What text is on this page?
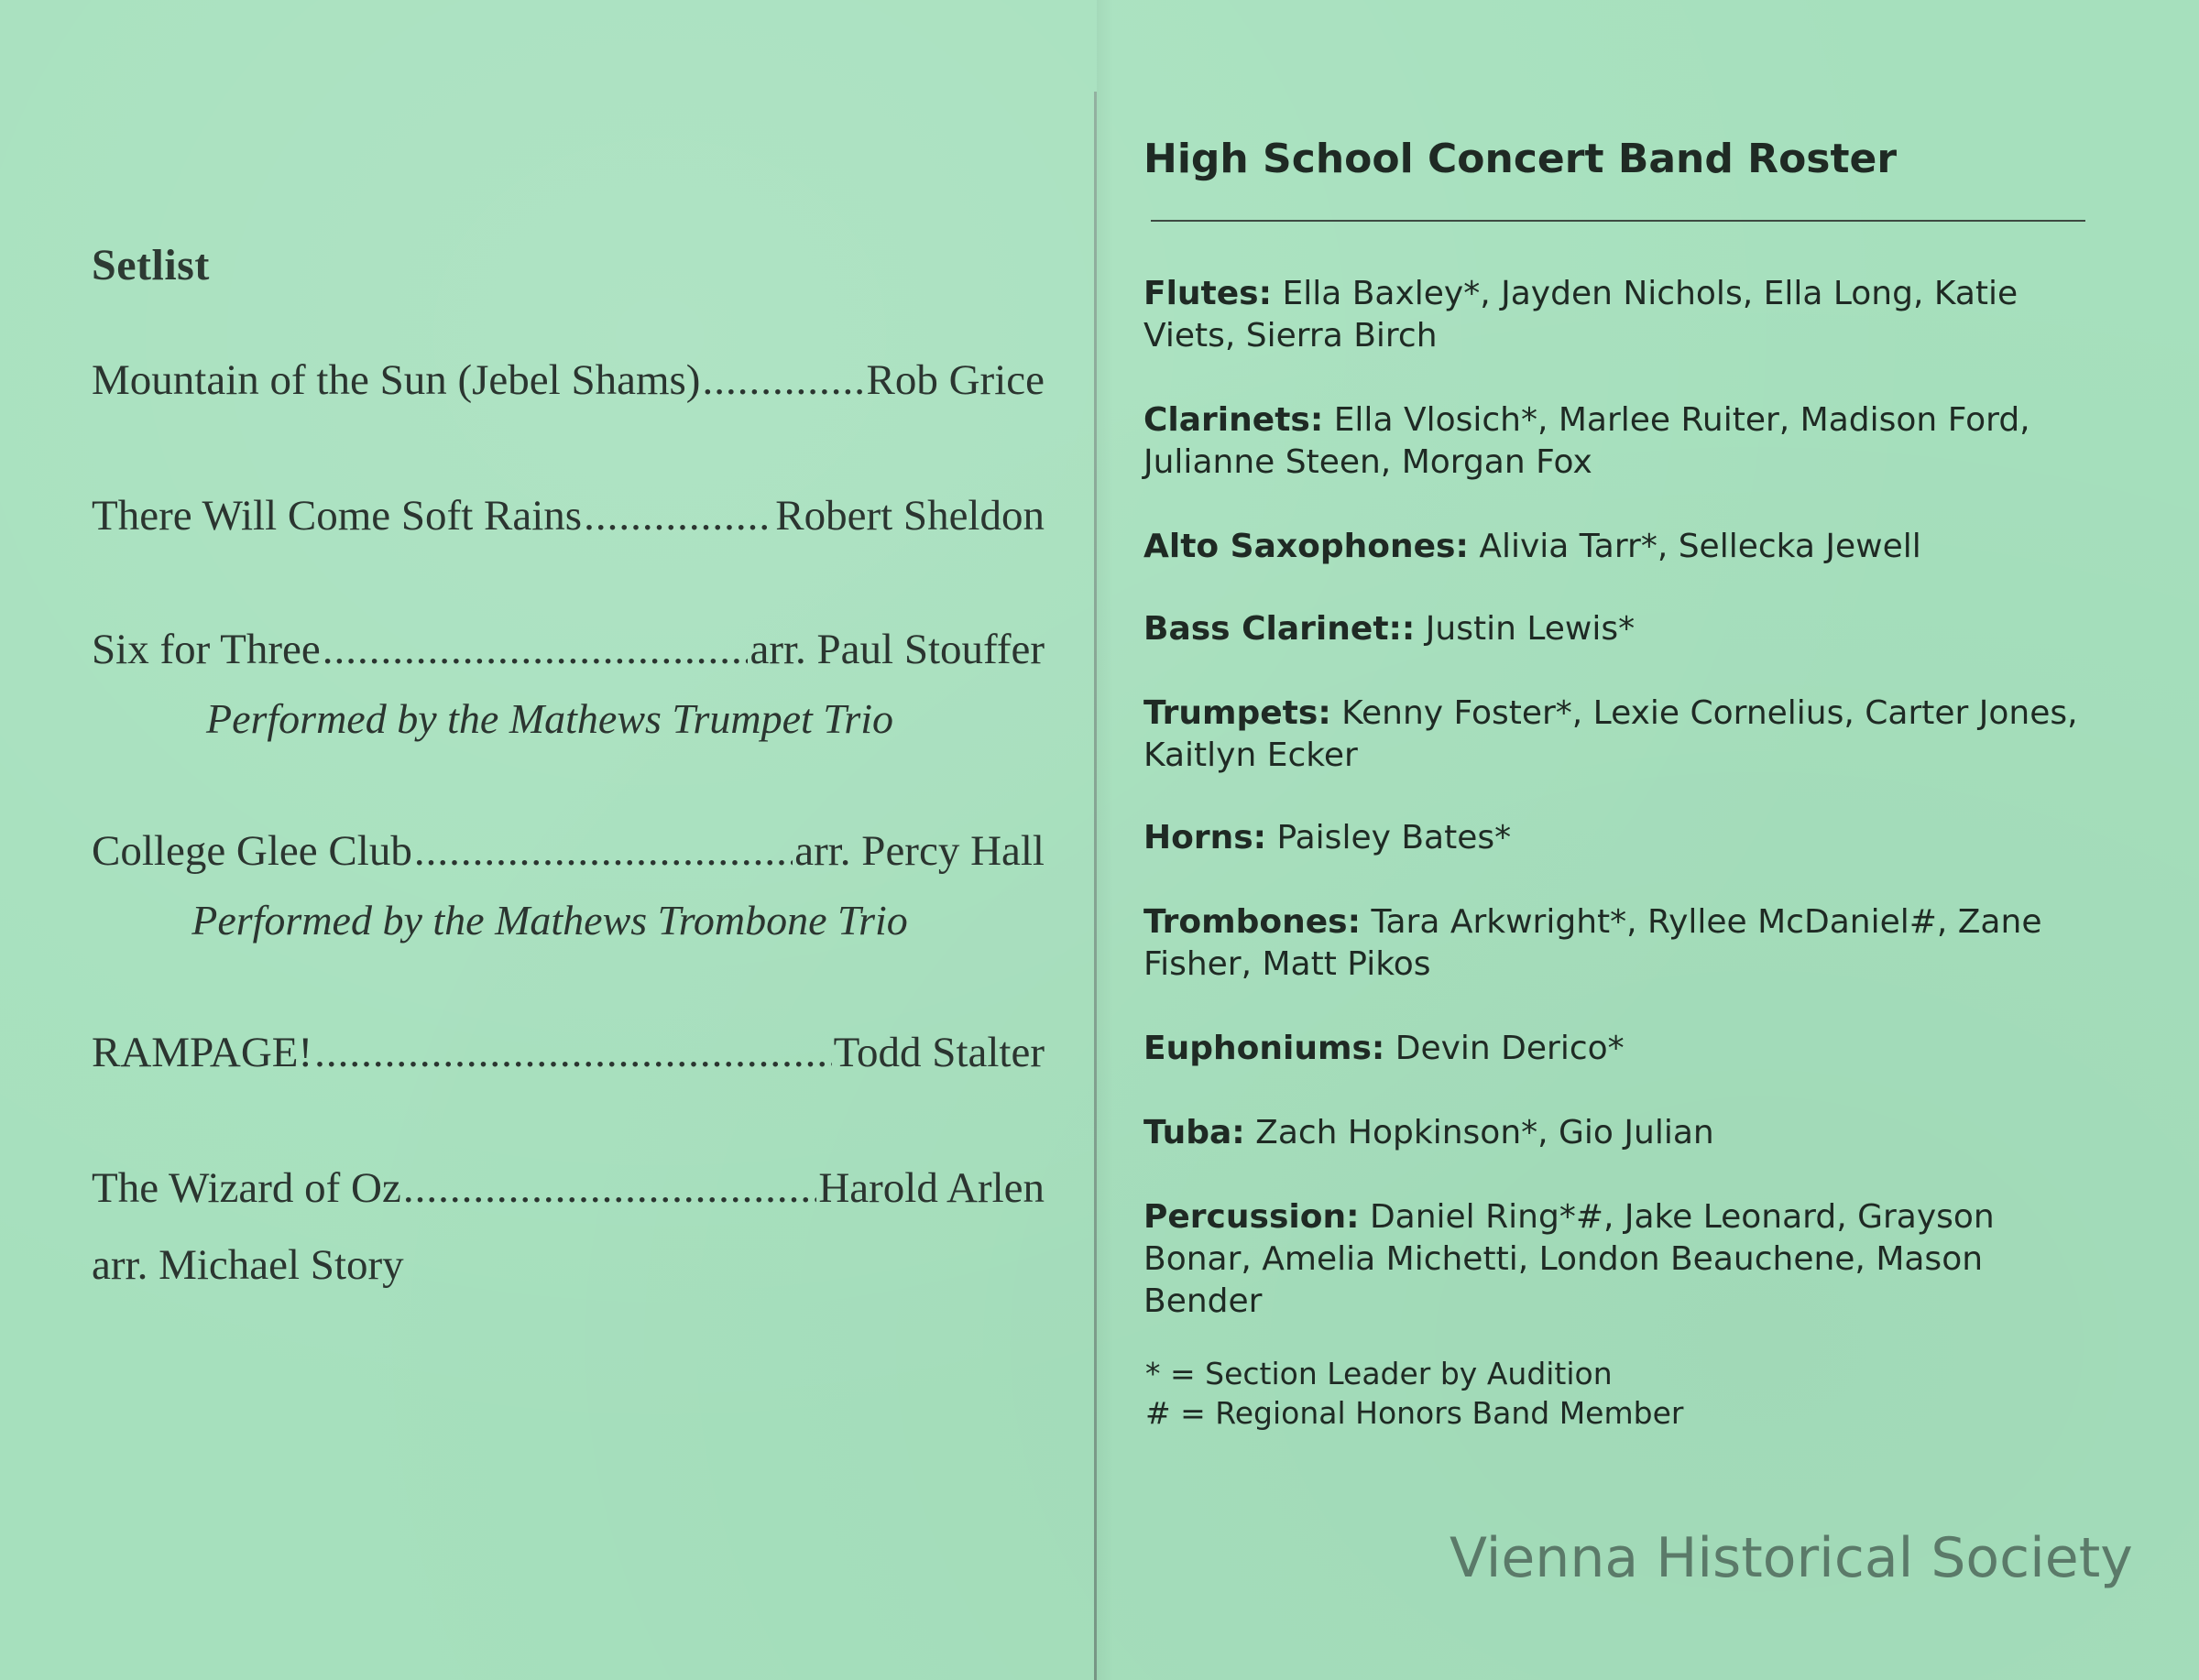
Setlist
Mountain of the Sun (Jebel Shams) .....	Rob Grice
There Will Come Soft Rains .....	Robert Sheldon
Six for Three .....	arr. Paul Stouffer
Performed by the Mathews Trumpet Trio
College Glee Club .....	arr. Percy Hall
Performed by the Mathews Trombone Trio
RAMPAGE! .....	Todd Stalter
The Wizard of Oz .....	Harold Arlen
arr. Michael Story
High School Concert Band Roster
Flutes: Ella Baxley*, Jayden Nichols, Ella Long, Katie Viets, Sierra Birch
Clarinets: Ella Vlosich*, Marlee Ruiter, Madison Ford, Julianne Steen, Morgan Fox
Alto Saxophones: Alivia Tarr*, Sellecka Jewell
Bass Clarinet:: Justin Lewis*
Trumpets: Kenny Foster*, Lexie Cornelius, Carter Jones, Kaitlyn Ecker
Horns: Paisley Bates*
Trombones: Tara Arkwright*, Ryllee McDaniel#, Zane Fisher, Matt Pikos
Euphoniums: Devin Derico*
Tuba: Zach Hopkinson*, Gio Julian
Percussion: Daniel Ring*#, Jake Leonard, Grayson Bonar, Amelia Michetti, London Beauchene, Mason Bender
* = Section Leader by Audition
# = Regional Honors Band Member
Vienna Historical Society
